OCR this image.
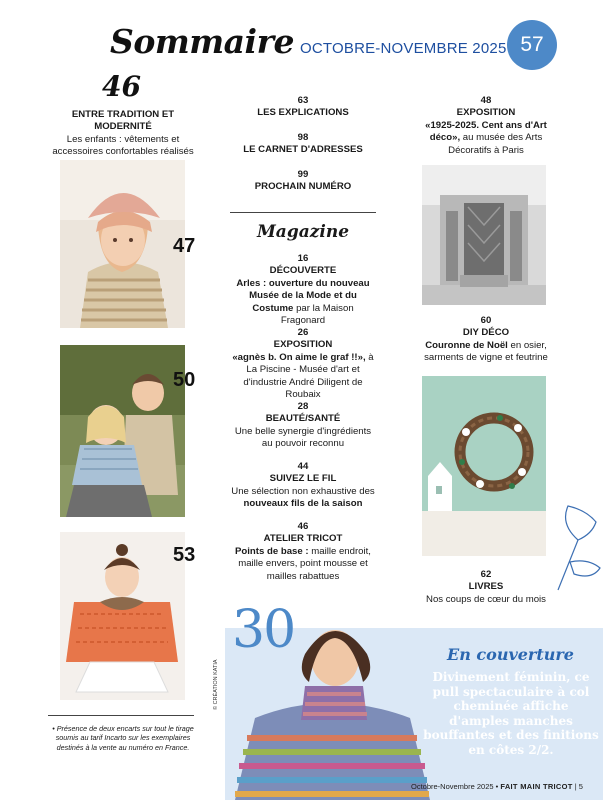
Sommaire OCTOBRE-NOVEMBRE 2025 57
46
ENTRE TRADITION ET MODERNITÉ
Les enfants : vêtements et accessoires confortables réalisés
47
50
53
• Présence de deux encarts sur tout le tirage soumis au tarif Incarto sur les exemplaires destinés à la vente au numéro en France.
63
LES EXPLICATIONS
98
LE CARNET D'ADRESSES
99
PROCHAIN NUMÉRO
Magazine
16
DÉCOUVERTE
Arles : ouverture du nouveau Musée de la Mode et du Costume par la Maison Fragonard
26
EXPOSITION
«agnès b. On aime le graf !!», à La Piscine - Musée d'art et d'industrie André Diligent de Roubaix
28
BEAUTÉ/SANTÉ
Une belle synergie d'ingrédients au pouvoir reconnu
44
SUIVEZ LE FIL
Une sélection non exhaustive des
nouveaux fils de la saison
46
ATELIER TRICOT
Points de base : maille endroit, maille envers, point mousse et mailles rabattues
48
EXPOSITION
«1925-2025. Cent ans d'Art déco», au musée des Arts Décoratifs à Paris
60
DIY DÉCO
Couronne de Noël en osier, sarments de vigne et feutrine
62
LIVRES
Nos coups de cœur du mois
30	En couverture
Divinement féminin, ce pull spectaculaire à col cheminée affiche d'amples manches bouffantes et des finitions en côtes 2/2.
© CRÉATION KATIA
Octobre-Novembre 2025 • FAIT MAIN TRICOT | 5
